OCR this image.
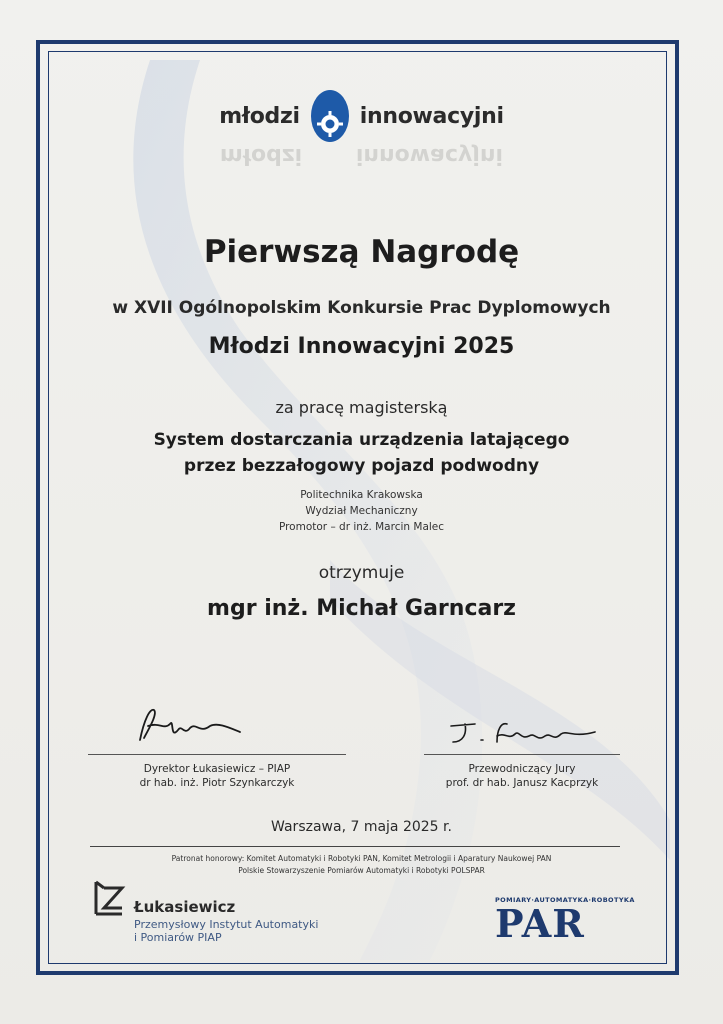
młodzi	innowacyjni
młodzi innowacyjni
Pierwszą Nagrodę
w XVII Ogólnopolskim Konkursie Prac Dyplomowych
Młodzi Innowacyjni 2025
za pracę magisterską
System dostarczania urządzenia latającego
przez bezzałogowy pojazd podwodny
Politechnika Krakowska
Wydział Mechaniczny
Promotor – dr inż. Marcin Malec
otrzymuje
mgr inż. Michał Garncarz
Dyrektor Łukasiewicz – PIAP
dr hab. inż. Piotr Szynkarczyk
Przewodniczący Jury
prof. dr hab. Janusz Kacprzyk
Warszawa, 7 maja 2025 r.
Patronat honorowy: Komitet Automatyki i Robotyki PAN, Komitet Metrologii i Aparatury Naukowej PAN
Polskie Stowarzyszenie Pomiarów Automatyki i Robotyki POLSPAR
Łukasiewicz
Przemysłowy Instytut Automatyki
i Pomiarów PIAP
POMIARY·AUTOMATYKA·ROBOTYKA
PAR
